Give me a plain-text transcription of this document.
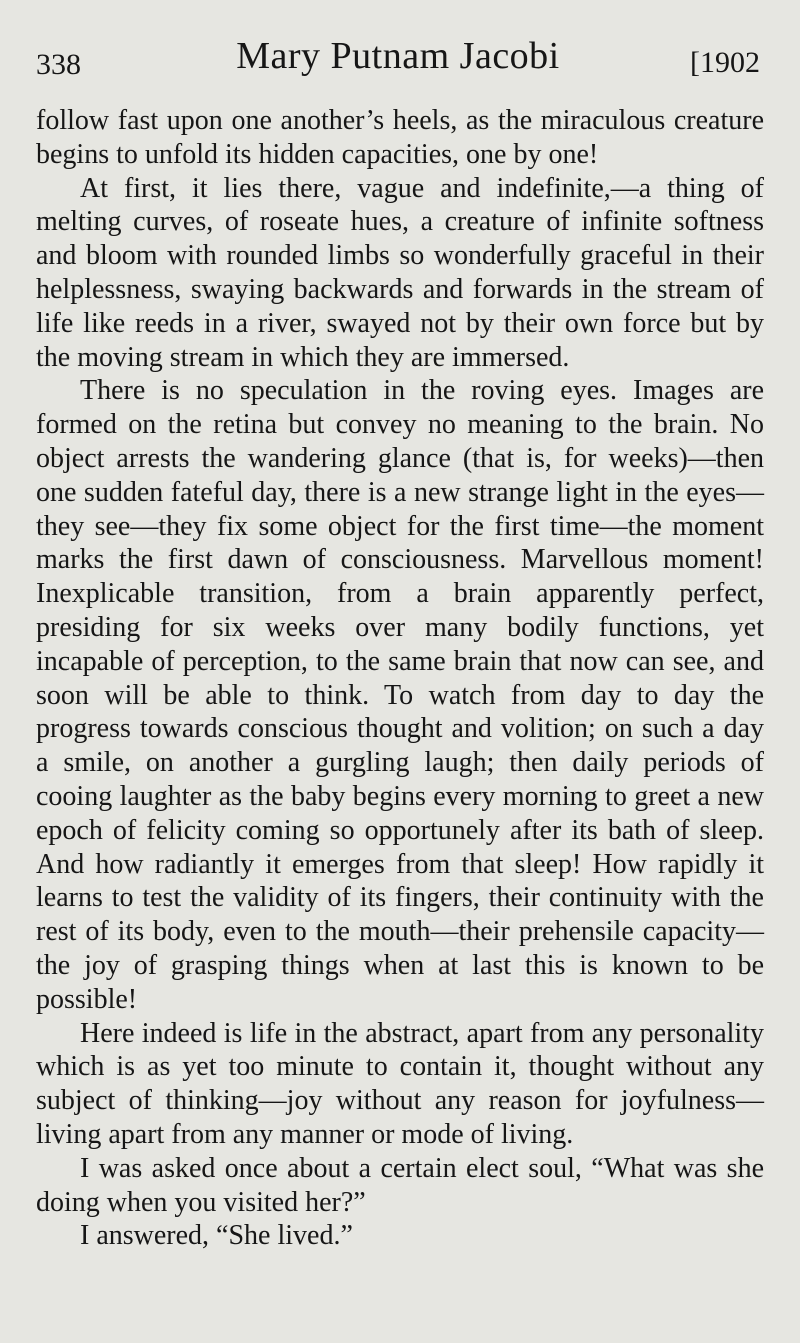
338	Mary Putnam Jacobi	[1902

follow fast upon one another’s heels, as the miraculous creature begins to unfold its hidden capacities, one by one!

At first, it lies there, vague and indefinite,—a thing of melting curves, of roseate hues, a creature of infinite softness and bloom with rounded limbs so wonderfully graceful in their helplessness, swaying backwards and forwards in the stream of life like reeds in a river, swayed not by their own force but by the moving stream in which they are immersed.

There is no speculation in the roving eyes. Images are formed on the retina but convey no meaning to the brain. No object arrests the wandering glance (that is, for weeks)—then one sudden fateful day, there is a new strange light in the eyes—they see—they fix some object for the first time—the moment marks the first dawn of consciousness. Marvellous moment! Inexplicable transition, from a brain apparently perfect, presiding for six weeks over many bodily functions, yet incapable of perception, to the same brain that now can see, and soon will be able to think. To watch from day to day the progress towards conscious thought and volition; on such a day a smile, on another a gurgling laugh; then daily periods of cooing laughter as the baby begins every morning to greet a new epoch of felicity coming so opportunely after its bath of sleep. And how radiantly it emerges from that sleep! How rapidly it learns to test the validity of its fingers, their continuity with the rest of its body, even to the mouth—their prehensile capacity—the joy of grasping things when at last this is known to be possible!

Here indeed is life in the abstract, apart from any personality which is as yet too minute to contain it, thought without any subject of thinking—joy without any reason for joyfulness—living apart from any manner or mode of living.

I was asked once about a certain elect soul, “What was she doing when you visited her?”

I answered, “She lived.”
